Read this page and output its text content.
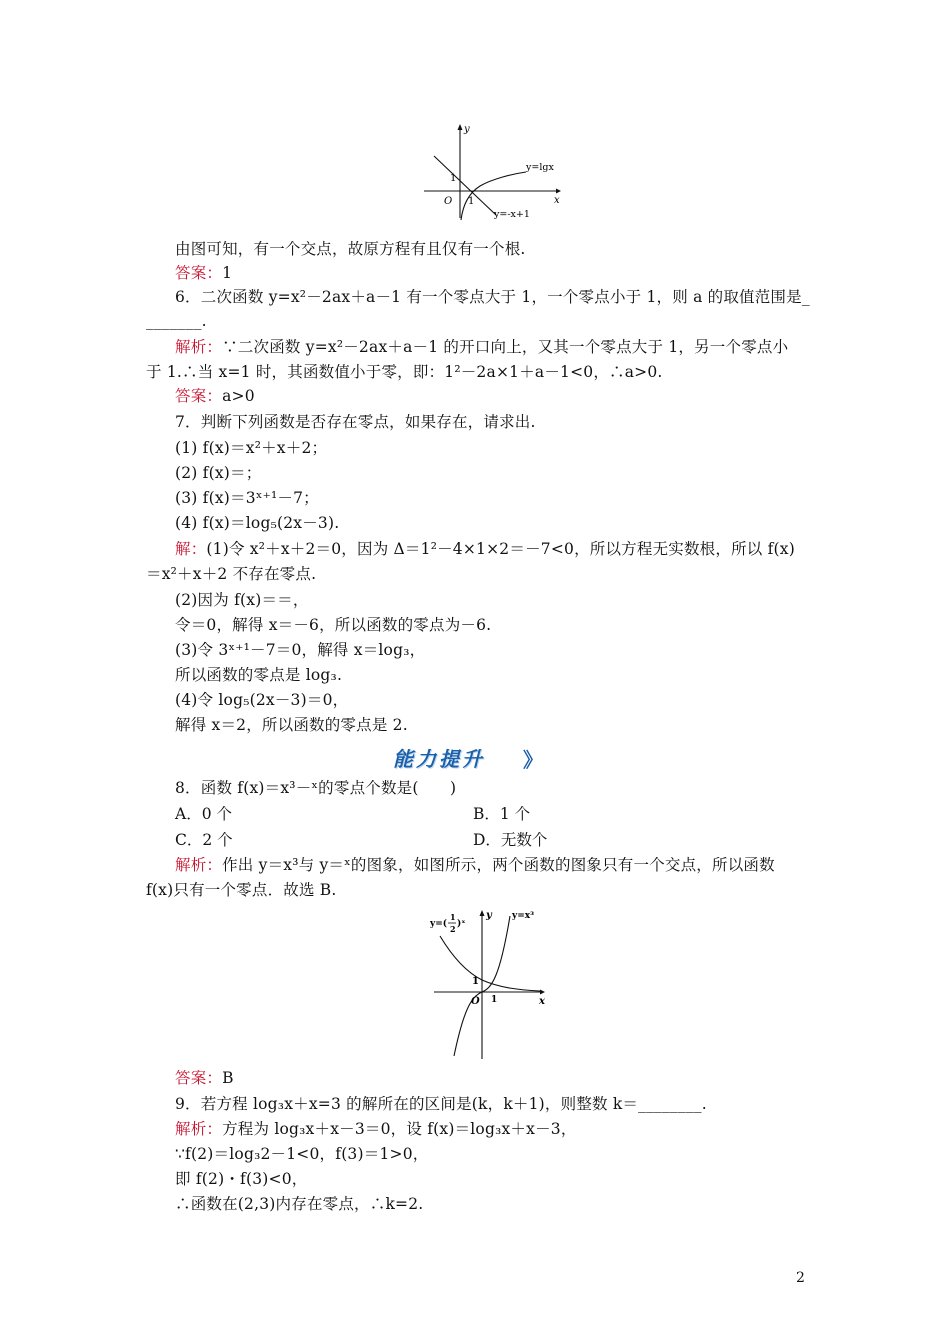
y
x
O
1
1
y=lgx
y=-x+1
由图可知，有一个交点，故原方程有且仅有一个根.
答案：1
6．二次函数 y=x²－2ax＋a－1 有一个零点大于 1，一个零点小于 1，则 a 的取值范围是_
_______.
解析：∵二次函数 y=x²－2ax＋a－1 的开口向上，又其一个零点大于 1，另一个零点小
于 1.∴当 x=1 时，其函数值小于零，即：1²－2a×1＋a－1<0，∴a>0.
答案：a>0
7．判断下列函数是否存在零点，如果存在，请求出.
(1) f(x)＝x²＋x＋2；
(2) f(x)＝；
(3) f(x)＝3ˣ⁺¹－7；
(4) f(x)＝log₅(2x－3).
解：(1)令 x²＋x＋2＝0，因为 Δ＝1²－4×1×2＝－7<0，所以方程无实数根，所以 f(x)
＝x²＋x＋2 不存在零点.
(2)因为 f(x)＝＝，
令＝0，解得 x＝－6，所以函数的零点为－6.
(3)令 3ˣ⁺¹－7＝0，解得 x＝log₃，
所以函数的零点是 log₃.
(4)令 log₅(2x－3)＝0，
解得 x＝2，所以函数的零点是 2.
能力提升 》
8．函数 f(x)＝x³－ˣ的零点个数是(　　)
A．0 个	B．1 个
C．2 个	D．无数个
解析：作出 y＝x³与 y＝ˣ的图象，如图所示，两个函数的图象只有一个交点，所以函数
f(x)只有一个零点．故选 B.
y=(
1
2 )ˣ
y y=x³
1
O 1	x
答案：B
9．若方程 log₃x＋x=3 的解所在的区间是(k，k＋1)，则整数 k＝________.
解析：方程为 log₃x＋x－3＝0，设 f(x)＝log₃x＋x－3，
∵f(2)＝log₃2－1<0，f(3)＝1>0，
即 f(2)・f(3)<0，
∴函数在(2,3)内存在零点，∴k=2.
2
